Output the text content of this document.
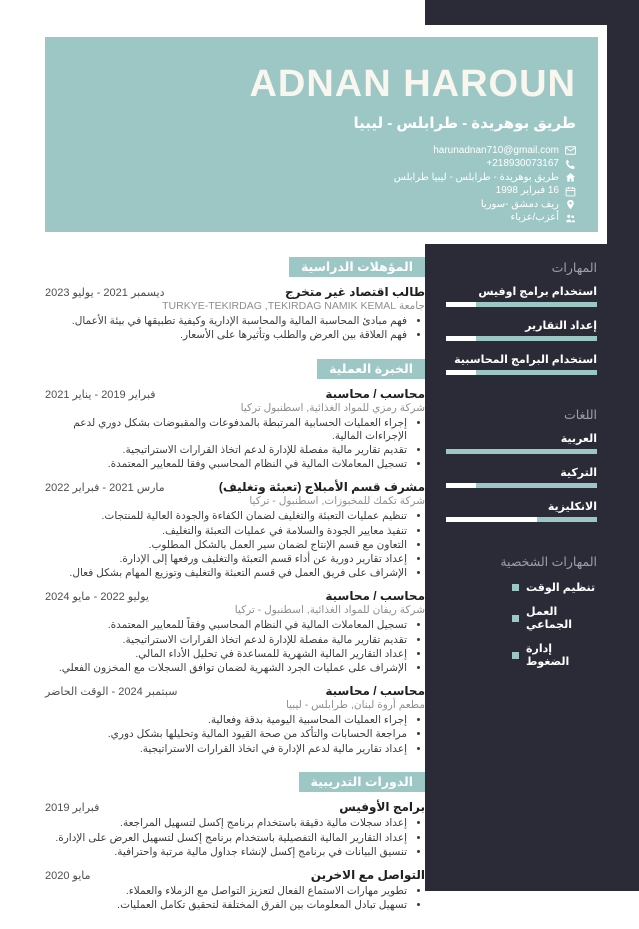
ADNAN HAROUN
طريق بوهريدة - طرابلس - ليبيا
harunadnan710@gmail.com
218930073167+
طريق بوهريدة - طرابلس - ليبيا طرابلس
16 فبراير 1998
ريف دمشق -سوريا
أعزب/عزباء
المهارات
استخدام برامج اوفيس
إعداد التقارير
استخدام البرامج المحاسبية
اللغات
العربية
التركية
الانكليزية
المهارات الشخصية
تنظيم الوقت
العمل الجماعي
إدارة الضغوط
المؤهلات الدراسية
طالب اقتصاد غير متخرج
ديسمبر 2021 - يوليو 2023
جامعة TURKYE-TEKIRDAG ,TEKIRDAG NAMIK KEMAL
• فهم مبادئ المحاسبة المالية والمحاسبة الإدارية وكيفية تطبيقها في بيئة الأعمال.
• فهم العلاقة بين العرض والطلب وتأثيرها على الأسعار.
الخبرة العملية
محاسب / محاسبة
فبراير 2019 - يناير 2021
شركة رمزي للمواد الغذائية, اسطنبول تركيا
• إجراء العمليات الحسابية المرتبطة بالمدفوعات والمقبوضات بشكل دوري لدعم الإجراءات المالية.
• تقديم تقارير مالية مفصلة للإدارة لدعم اتخاذ القرارات الاستراتيجية.
• تسجيل المعاملات المالية في النظام المحاسبي وفقا للمعايير المعتمدة.
مشرف قسم الأمبلاج (تعبئة وتغليف)
مارس 2021 - فبراير 2022
شركة تكمك للمخبوزات, اسطنبول - تركيا
• تنظيم عمليات التعبئة والتغليف لضمان الكفاءة والجودة العالية للمنتجات.
• تنفيذ معايير الجودة والسلامة في عمليات التعبئة والتغليف.
• التعاون مع قسم الإنتاج لضمان سير العمل بالشكل المطلوب.
• إعداد تقارير دورية عن أداء قسم التعبئة والتغليف ورفعها إلى الإدارة.
• الإشراف على فريق العمل في قسم التعبئة والتغليف وتوزيع المهام بشكل فعال.
محاسب / محاسبة
يوليو 2022 - مايو 2024
شركة ريفان للمواد الغذائية, اسطنبول - تركيا
• تسجيل المعاملات المالية في النظام المحاسبي وفقاً للمعايير المعتمدة.
• تقديم تقارير مالية مفصلة للإدارة لدعم اتخاذ القرارات الاستراتيجية.
• إعداد التقارير المالية الشهرية للمساعدة في تحليل الأداء المالي.
• الإشراف على عمليات الجرد الشهرية لضمان توافق السجلات مع المخزون الفعلي.
محاسب / محاسبة
سبتمبر 2024 - الوقت الحاضر
مطعم أروة لبنان, طرابلس - ليبيا
• إجراء العمليات المحاسبية اليومية بدقة وفعالية.
• مراجعة الحسابات والتأكد من صحة القيود المالية وتحليلها بشكل دوري.
• إعداد تقارير مالية لدعم الإدارة في اتخاذ القرارات الاستراتيجية.
الدورات التدريبية
برامج الأوفيس
فبراير 2019
• إعداد سجلات مالية دقيقة باستخدام برنامج إكسل لتسهيل المراجعة.
• إعداد التقارير المالية التفصيلية باستخدام برنامج إكسل لتسهيل العرض على الإدارة.
• تنسيق البيانات في برنامج إكسل لإنشاء جداول مالية مرتبة واحترافية.
التواصل مع الاخرين
مايو 2020
• تطوير مهارات الاستماع الفعال لتعزيز التواصل مع الزملاء والعملاء.
• تسهيل تبادل المعلومات بين الفرق المختلفة لتحقيق تكامل العمليات.
